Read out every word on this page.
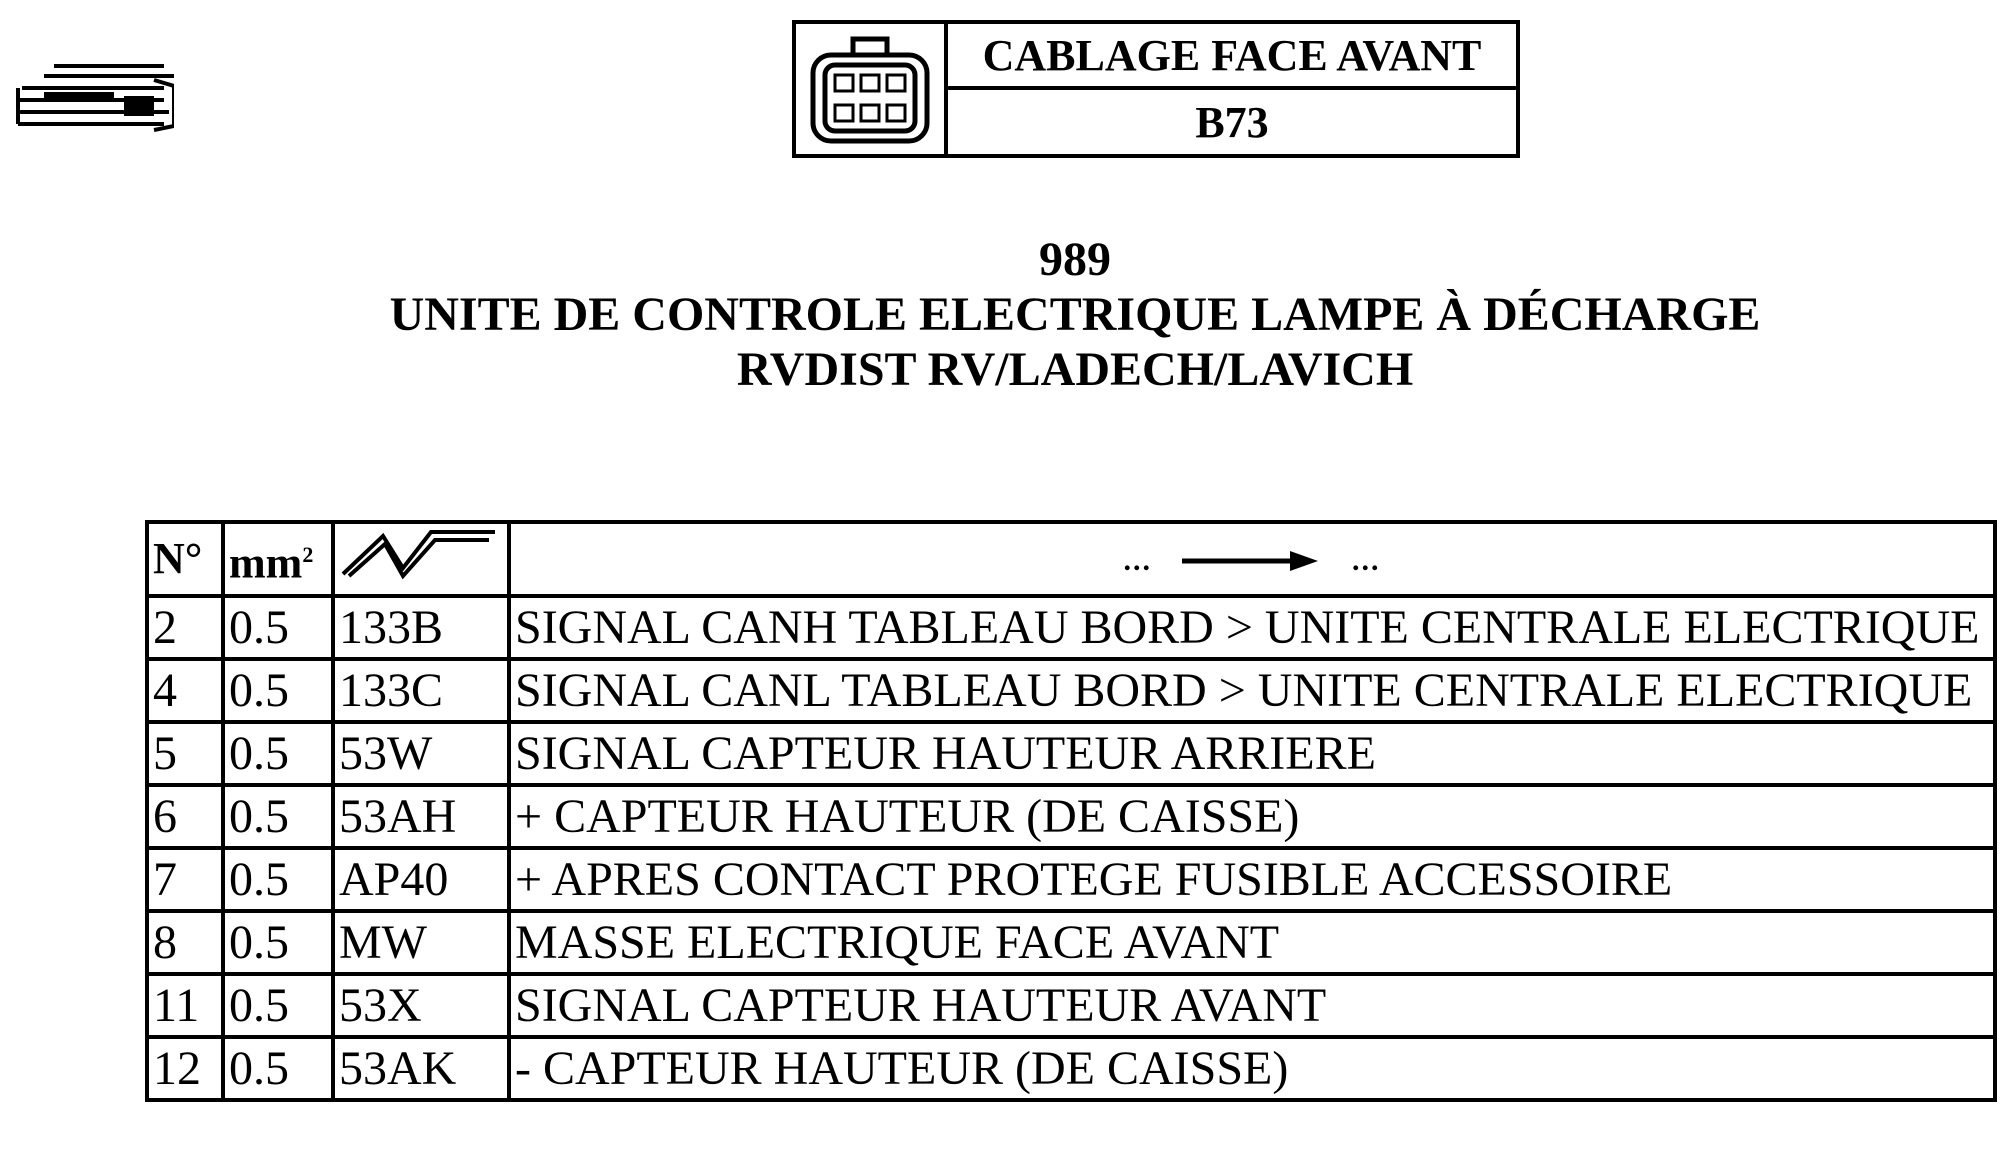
CABLAGE FACE AVANT
B73
989
UNITE DE CONTROLE ELECTRIQUE LAMPE À DÉCHARGE
RVDIST RV/LADECH/LAVICH
N°	$mm^2$		... ...

2	0.5	133B	SIGNAL CANH TABLEAU BORD > UNITE CENTRALE ELECTRIQUE
4	0.5	133C	SIGNAL CANL TABLEAU BORD > UNITE CENTRALE ELECTRIQUE
5	0.5	53W	SIGNAL CAPTEUR HAUTEUR ARRIERE
6	0.5	53AH	+ CAPTEUR HAUTEUR (DE CAISSE)
7	0.5	AP40	+ APRES CONTACT PROTEGE FUSIBLE ACCESSOIRE
8	0.5	MW	MASSE ELECTRIQUE FACE AVANT
11	0.5	53X	SIGNAL CAPTEUR HAUTEUR AVANT
12	0.5	53AK	- CAPTEUR HAUTEUR (DE CAISSE)
